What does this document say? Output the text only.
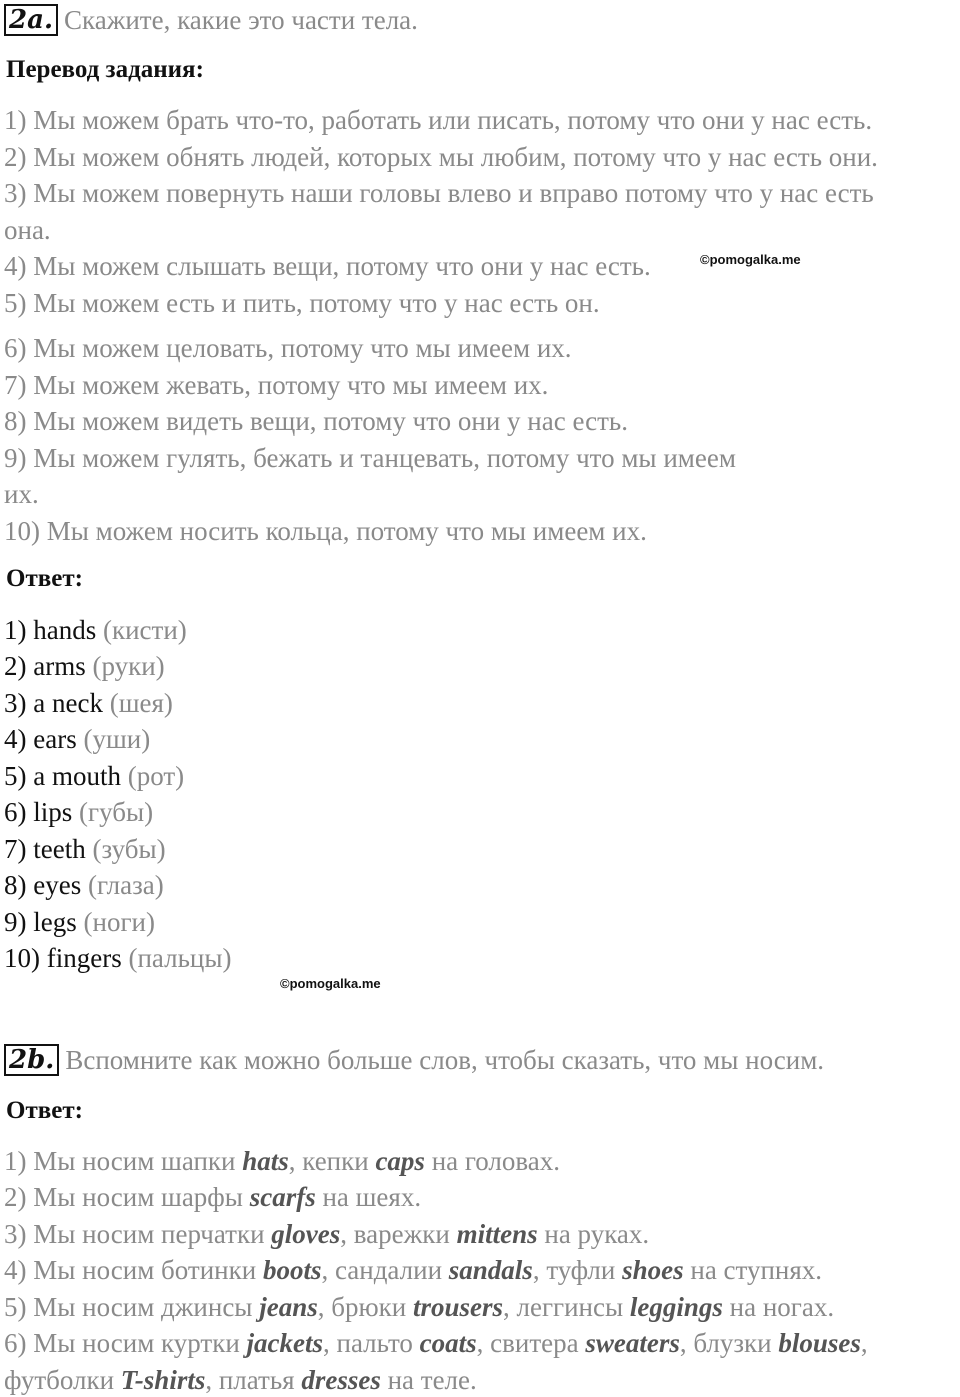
2a. Скажите, какие это части тела.
Перевод задания:
1) Мы можем брать что-то, работать или писать, потому что они у нас есть.
2) Мы можем обнять людей, которых мы любим, потому что у нас есть они.
3) Мы можем повернуть наши головы влево и вправо потому что у нас есть
она.
4) Мы можем слышать вещи, потому что они у нас есть.
5) Мы можем есть и пить, потому что у нас есть он.
6) Мы можем целовать, потому что мы имеем их.
7) Мы можем жевать, потому что мы имеем их.
8) Мы можем видеть вещи, потому что они у нас есть.
9) Мы можем гулять, бежать и танцевать, потому что мы имеем
их.
10) Мы можем носить кольца, потому что мы имеем их.
©pomogalka.me
Ответ:
1) hands (кисти)
2) arms (руки)
3) a neck (шея)
4) ears (уши)
5) a mouth (рот)
6) lips (губы)
7) teeth (зубы)
8) eyes (глаза)
9) legs (ноги)
10) fingers (пальцы)
©pomogalka.me
2b. Вспомните как можно больше слов, чтобы сказать, что мы носим.
Ответ:
1) Мы носим шапки hats, кепки caps на головах.
2) Мы носим шарфы scarfs на шеях.
3) Мы носим перчатки gloves, варежки mittens на руках.
4) Мы носим ботинки boots, сандалии sandals, туфли shoes на ступнях.
5) Мы носим джинсы jeans, брюки trousers, леггинсы leggings на ногах.
6) Мы носим куртки jackets, пальто coats, свитера sweaters, блузки blouses,
футболки T-shirts, платья dresses на теле.
